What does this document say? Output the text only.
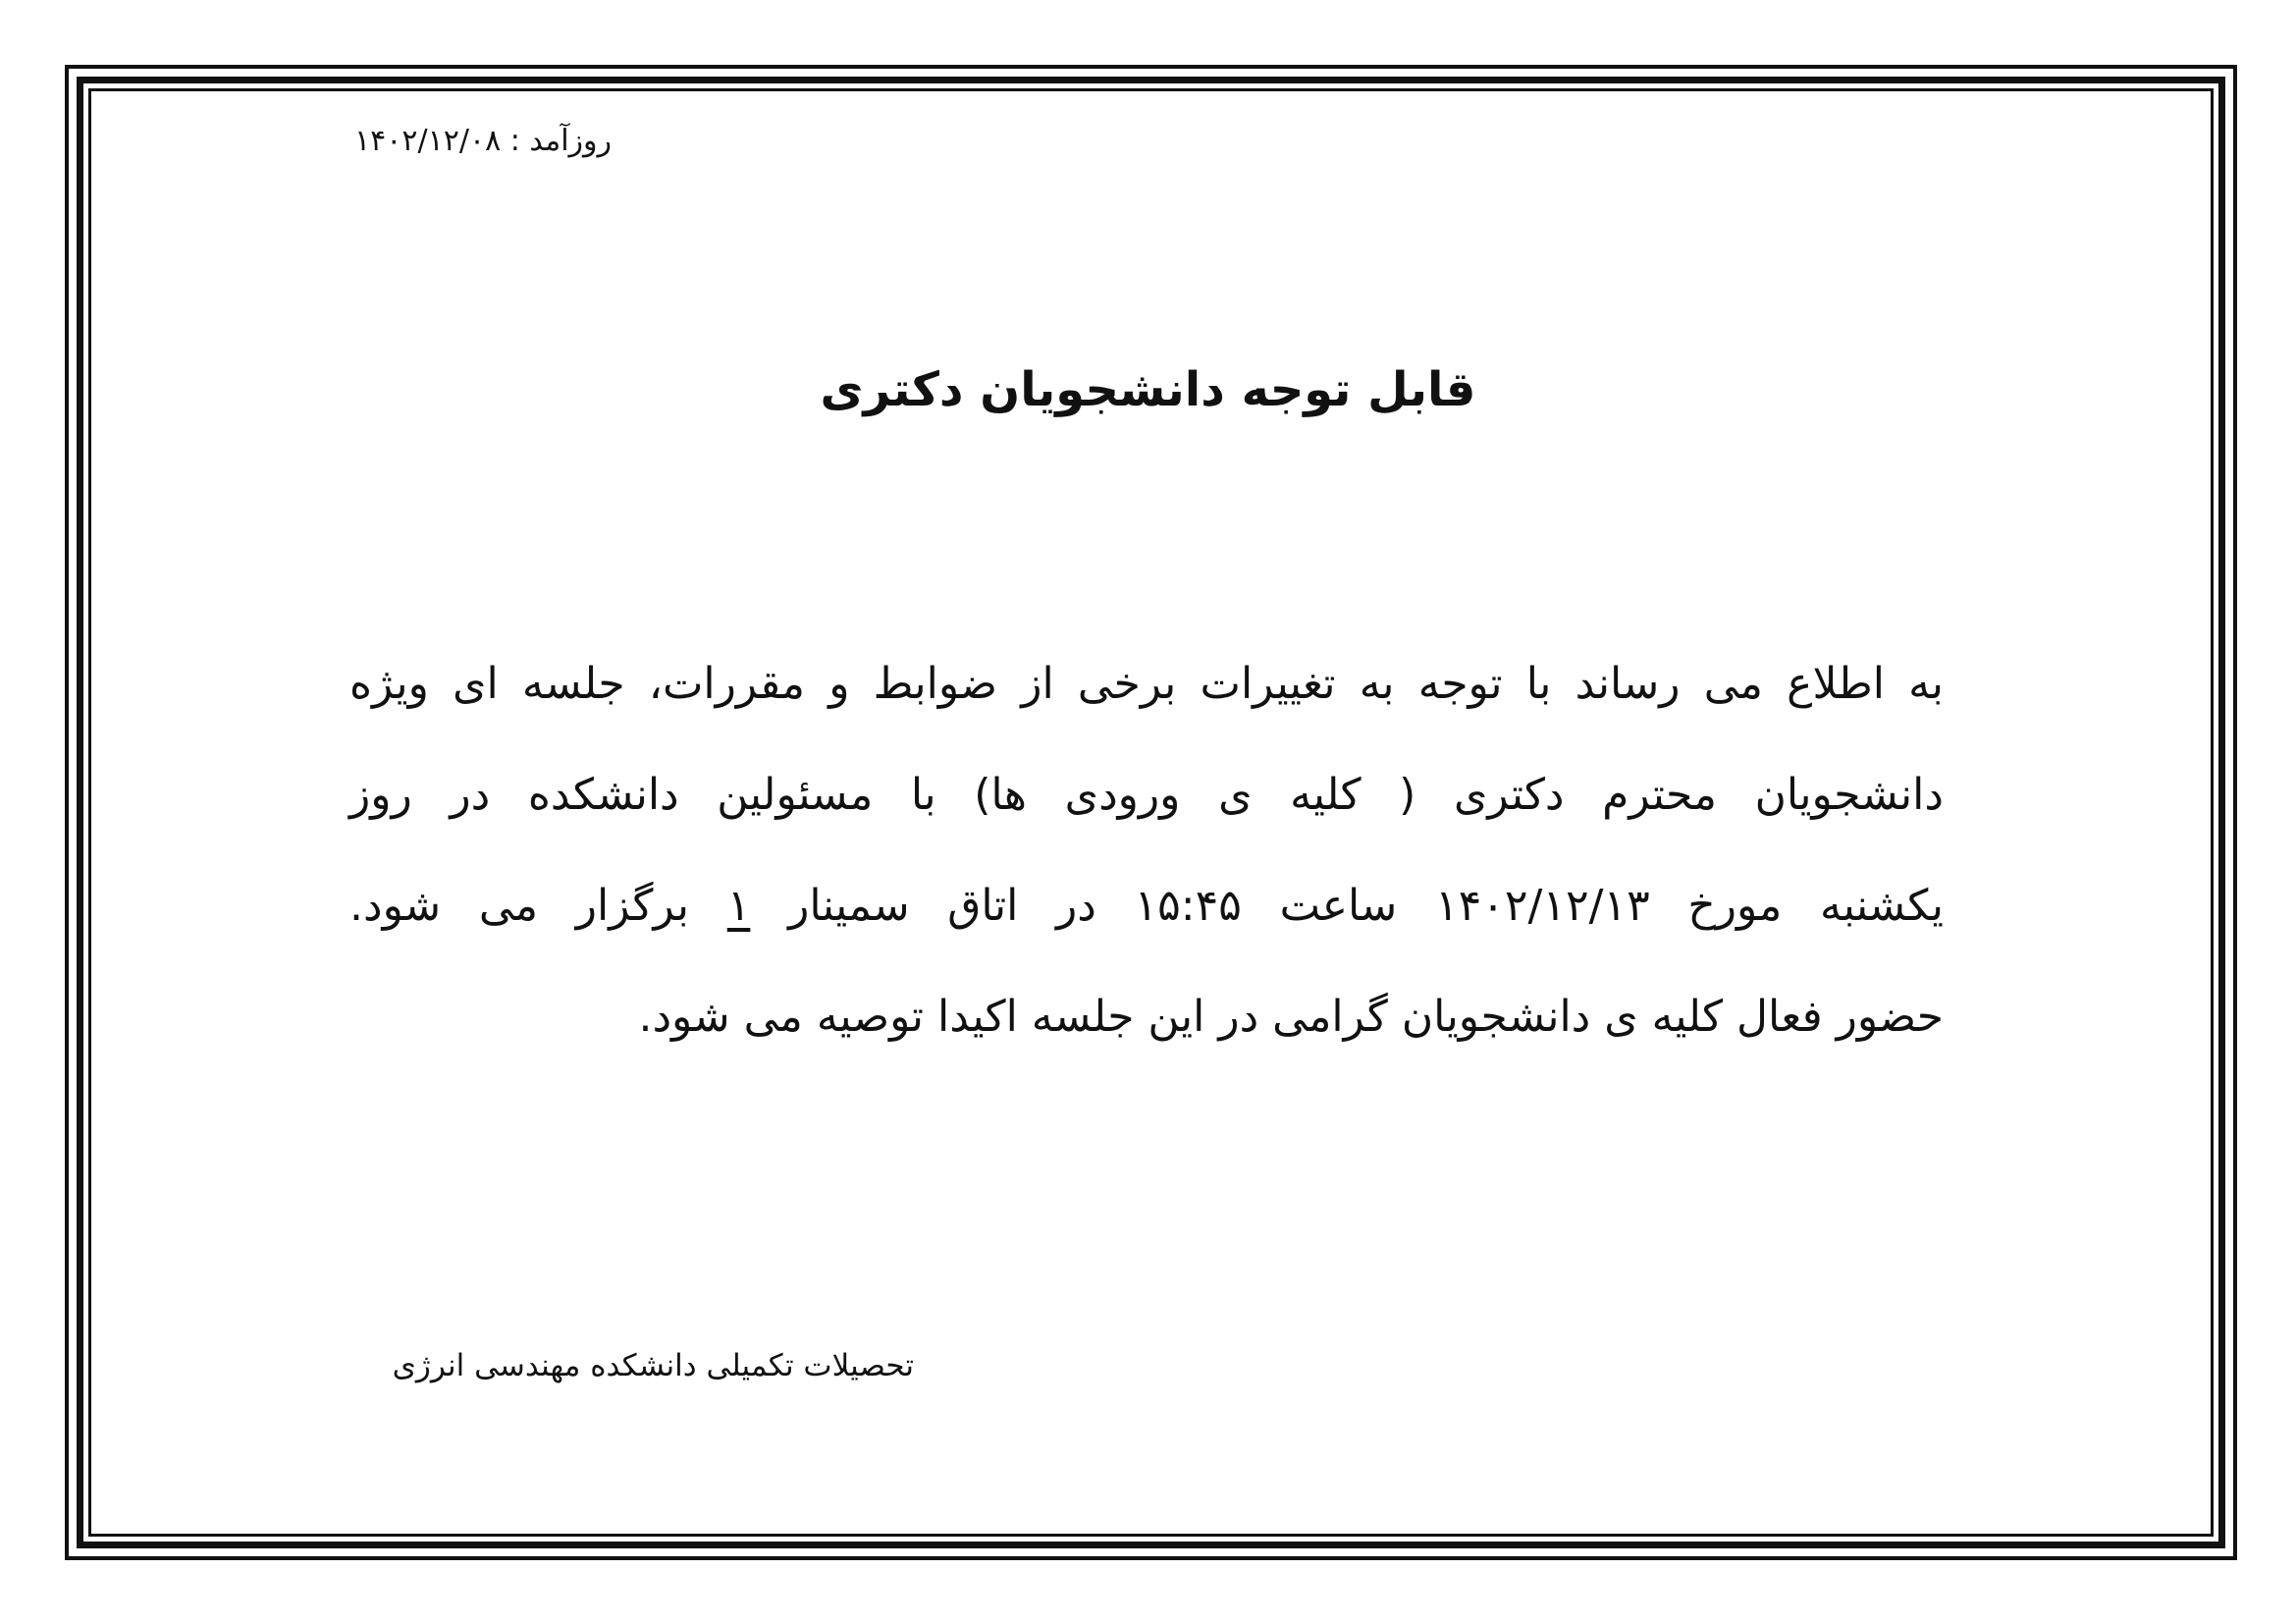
روزآمد : ۱۴۰۲/۱۲/۰۸
قابل توجه دانشجویان دکتری

به اطلاع می رساند با توجه به تغییرات برخی از ضوابط و مقررات، جلسه ای ویژه

دانشجویان محترم دکتری ( کلیه ی ورودی ها) با مسئولین دانشکده در روز

یکشنبه مورخ ۱۴۰۲/۱۲/۱۳ ساعت ۱۵:۴۵ در اتاق سمینار ۱ برگزار می شود.

حضور فعال کلیه ی دانشجویان گرامی در این جلسه اکیدا توصیه می شود.

تحصیلات تکمیلی دانشکده مهندسی انرژی
